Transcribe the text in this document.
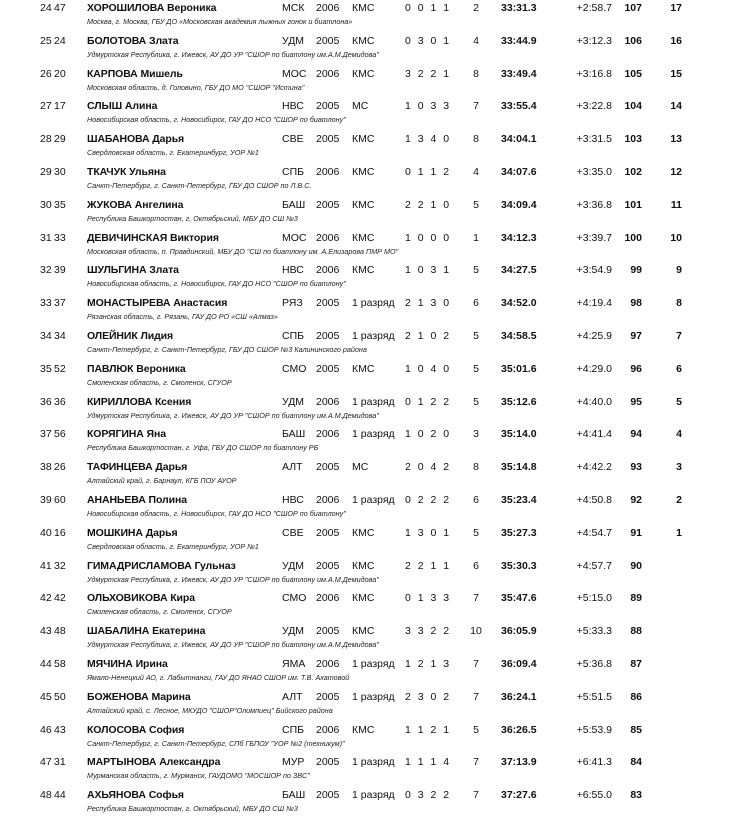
24 47	ХОРОШИЛОВА Вероника	МСК 2006 КМС	0 0 1 1 2 33:31.3	+2:58.7	107	17
Москва, г. Москва, ГБУ ДО «Московская академия лыжных гонок и биатлона»
25 24	БОЛОТОВА Злата	УДМ 2005 КМС	0 3 0 1 4 33:44.9	+3:12.3	106	16
Удмуртская Республика, г. Ижевск, АУ ДО УР "СШОР по биатлону им.А.М.Демидова"
26 20	КАРПОВА Мишель	МОС 2006 КМС	3 2 2 1 8 33:49.4	+3:16.8	105	15
Московская область, д. Головино, ГБУ ДО МО "СШОР "Истина"
27 17	СЛЫШ Алина	НВС 2005 МС	1 0 3 3 7 33:55.4	+3:22.8	104	14
Новосибирская область, г. Новосибирск, ГАУ ДО НСО "СШОР по биатлону"
28 29	ШАБАНОВА Дарья	СВЕ 2005 КМС	1 3 4 0 8 34:04.1	+3:31.5	103	13
Свердловская область, г. Екатеринбург, УОР №1
29 30	ТКАЧУК Ульяна	СПБ 2006 КМС	0 1 1 2 4 34:07.6	+3:35.0	102	12
Санкт-Петербург, г. Санкт-Петербург, ГБУ ДО СШОР по Л.В.С.
30 35	ЖУКОВА Ангелина	БАШ 2005 КМС	2 2 1 0 5 34:09.4	+3:36.8	101	11
Республика Башкортостан, г. Октябрьский, МБУ ДО СШ №3
31 33	ДЕВИЧИНСКАЯ Виктория	МОС 2006 КМС	1 0 0 0 1 34:12.3	+3:39.7	100	10
Московская область, п. Правдинский, МБУ ДО "СШ по биатлону им. А.Елизарова ПМР МО"
32 39	ШУЛЬГИНА Злата	НВС 2006 КМС	1 0 3 1 5 34:27.5	+3:54.9	99	9
Новосибирская область, г. Новосибирск, ГАУ ДО НСО "СШОР по биатлону"
33 37	МОНАСТЫРЕВА Анастасия	РЯЗ 2005 1 разряд 2 1 3 0 6 34:52.0	+4:19.4	98	8
Рязанская область, г. Рязань, ГАУ ДО РО «СШ «Алмаз»
34 34	ОЛЕЙНИК Лидия	СПБ 2005 1 разряд 2 1 0 2 5 34:58.5	+4:25.9	97	7
Санкт-Петербург, г. Санкт-Петербург, ГБУ ДО СШОР №3 Калининского района
35 52	ПАВЛЮК Вероника	СМО 2005 КМС	1 0 4 0 5 35:01.6	+4:29.0	96	6
Смоленская область, г. Смоленск, СГУОР
36 36	КИРИЛЛОВА Ксения	УДМ 2006 1 разряд 0 1 2 2 5 35:12.6	+4:40.0	95	5
Удмуртская Республика, г. Ижевск, АУ ДО УР "СШОР по биатлону им.А.М.Демидова"
37 56	КОРЯГИНА Яна	БАШ 2006 1 разряд 1 0 2 0 3 35:14.0	+4:41.4	94	4
Республика Башкортостан, г. Уфа, ГБУ ДО СШОР по биатлону РБ
38 26	ТАФИНЦЕВА Дарья	АЛТ 2005 МС	2 0 4 2 8 35:14.8	+4:42.2	93	3
Алтайский край, г. Барнаул, КГБ ПОУ АУОР
39 60	АНАНЬЕВА Полина	НВС 2006 1 разряд 0 2 2 2 6 35:23.4	+4:50.8	92	2
Новосибирская область, г. Новосибирск, ГАУ ДО НСО "СШОР по биатлону"
40 16	МОШКИНА Дарья	СВЕ 2005 КМС	1 3 0 1 5 35:27.3	+4:54.7	91	1
Свердловская область, г. Екатеринбург, УОР №1
41 32	ГИМАДРИСЛАМОВА Гульназ	УДМ 2005 КМС	2 2 1 1 6 35:30.3	+4:57.7	90
Удмуртская Республика, г. Ижевск, АУ ДО УР "СШОР по биатлону им.А.М.Демидова"
42 42	ОЛЬХОВИКОВА Кира	СМО 2006 КМС	0 1 3 3 7 35:47.6	+5:15.0	89
Смоленская область, г. Смоленск, СГУОР
43 48	ШАБАЛИНА Екатерина	УДМ 2005 КМС	3 3 2 2 10 36:05.9	+5:33.3	88
Удмуртская Республика, г. Ижевск, АУ ДО УР "СШОР по биатлону им.А.М.Демидова"
44 58	МЯЧИНА Ирина	ЯМА 2006 1 разряд 1 2 1 3 7 36:09.4	+5:36.8	87
Ямало-Ненецкий АО, г. Лабытнанги, ГАУ ДО ЯНАО СШОР им. Т.В. Ахатовой
45 50	БОЖЕНОВА Марина	АЛТ 2005 1 разряд 2 3 0 2 7 36:24.1	+5:51.5	86
Алтайский край, с. Лесное, МКУДО "СШОР"Олимпиец" Бийского района
46 43	КОЛОСОВА София	СПБ 2006 КМС	1 1 2 1 5 36:26.5	+5:53.9	85
Санкт-Петербург, г. Санкт-Петербург, СПб ГБПОУ "УОР №2 (техникум)"
47 31	МАРТЫНОВА Александра	МУР 2005 1 разряд 1 1 1 4 7 37:13.9	+6:41.3	84
Мурманская область, г. Мурманск, ГАУДОМО "МОСШОР по ЗВС"
48 44	АХЬЯНОВА Софья	БАШ 2005 1 разряд 0 3 2 2 7 37:27.6	+6:55.0	83
Республика Башкортостан, г. Октябрьский, МБУ ДО СШ №3
